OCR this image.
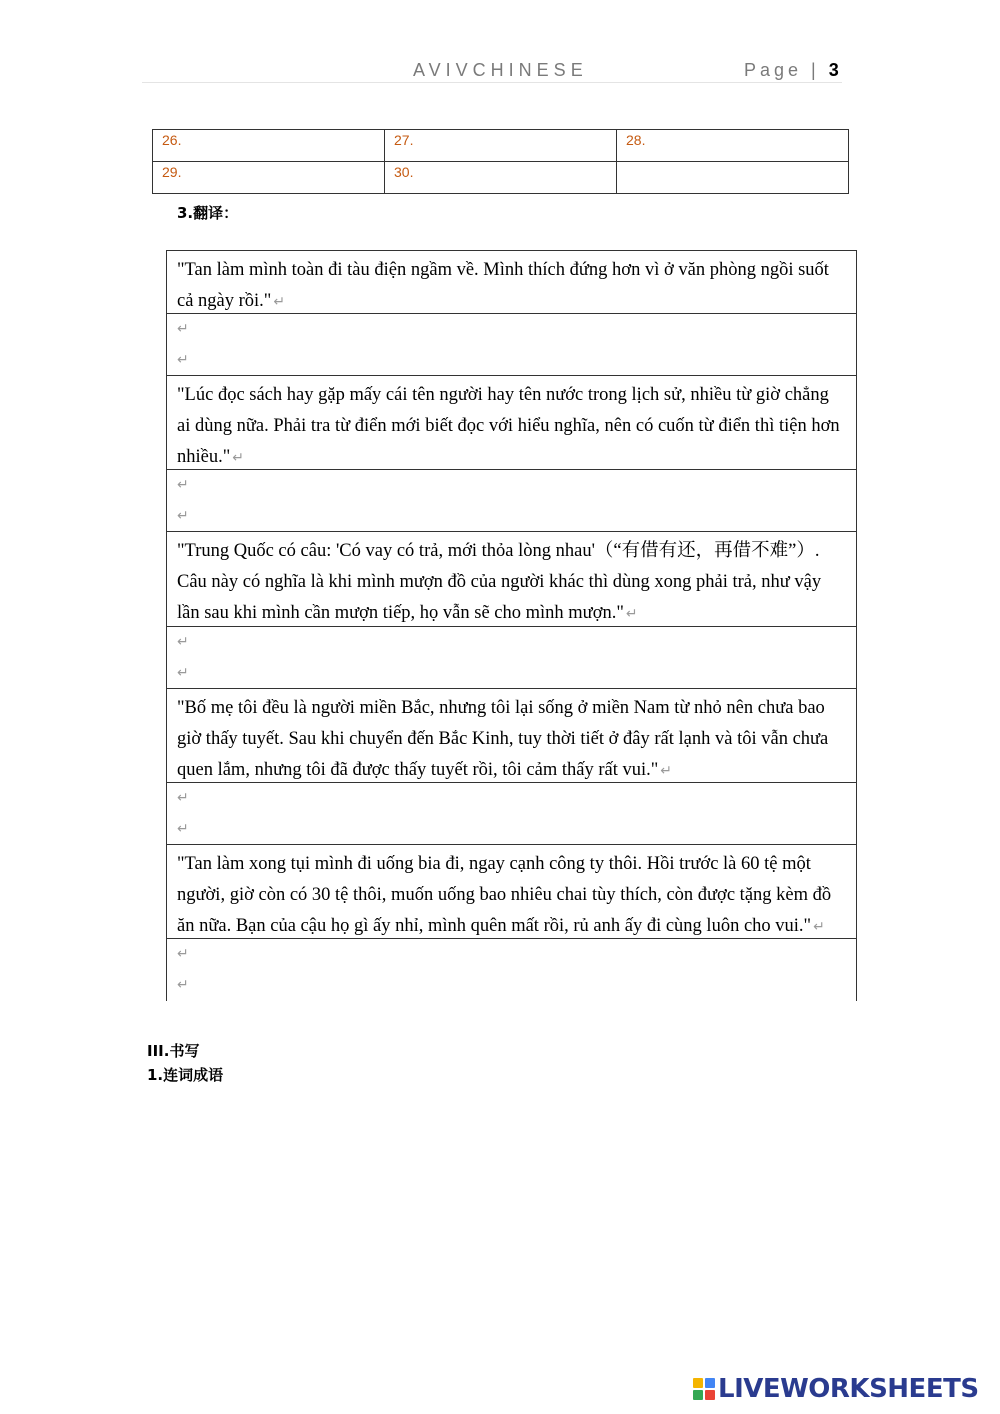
AVIVCHINESE	Page | 3
26.	27.	28.
29.	30.	
3.翻译：
"Tan làm mình toàn đi tàu điện ngầm về. Mình thích đứng hơn vì ở văn phòng ngồi suốt cả ngày rồi." ↵
↵
↵
"Lúc đọc sách hay gặp mấy cái tên người hay tên nước trong lịch sử, nhiều từ giờ chẳng ai dùng nữa. Phải tra từ điển mới biết đọc với hiểu nghĩa, nên có cuốn từ điển thì tiện hơn nhiều." ↵
↵
↵
"Trung Quốc có câu: 'Có vay có trả, mới thỏa lòng nhau'（“有借有还，再借不难”）. Câu này có nghĩa là khi mình mượn đồ của người khác thì dùng xong phải trả, như vậy lần sau khi mình cần mượn tiếp, họ vẫn sẽ cho mình mượn." ↵
↵
↵
"Bố mẹ tôi đều là người miền Bắc, nhưng tôi lại sống ở miền Nam từ nhỏ nên chưa bao giờ thấy tuyết. Sau khi chuyển đến Bắc Kinh, tuy thời tiết ở đây rất lạnh và tôi vẫn chưa quen lắm, nhưng tôi đã được thấy tuyết rồi, tôi cảm thấy rất vui." ↵
↵
↵
"Tan làm xong tụi mình đi uống bia đi, ngay cạnh công ty thôi. Hồi trước là 60 tệ một người, giờ còn có 30 tệ thôi, muốn uống bao nhiêu chai tùy thích, còn được tặng kèm đồ ăn nữa. Bạn của cậu họ gì ấy nhỉ, mình quên mất rồi, rủ anh ấy đi cùng luôn cho vui." ↵
↵
↵
III.书写
1.连词成语
LIVEWORKSHEETS
